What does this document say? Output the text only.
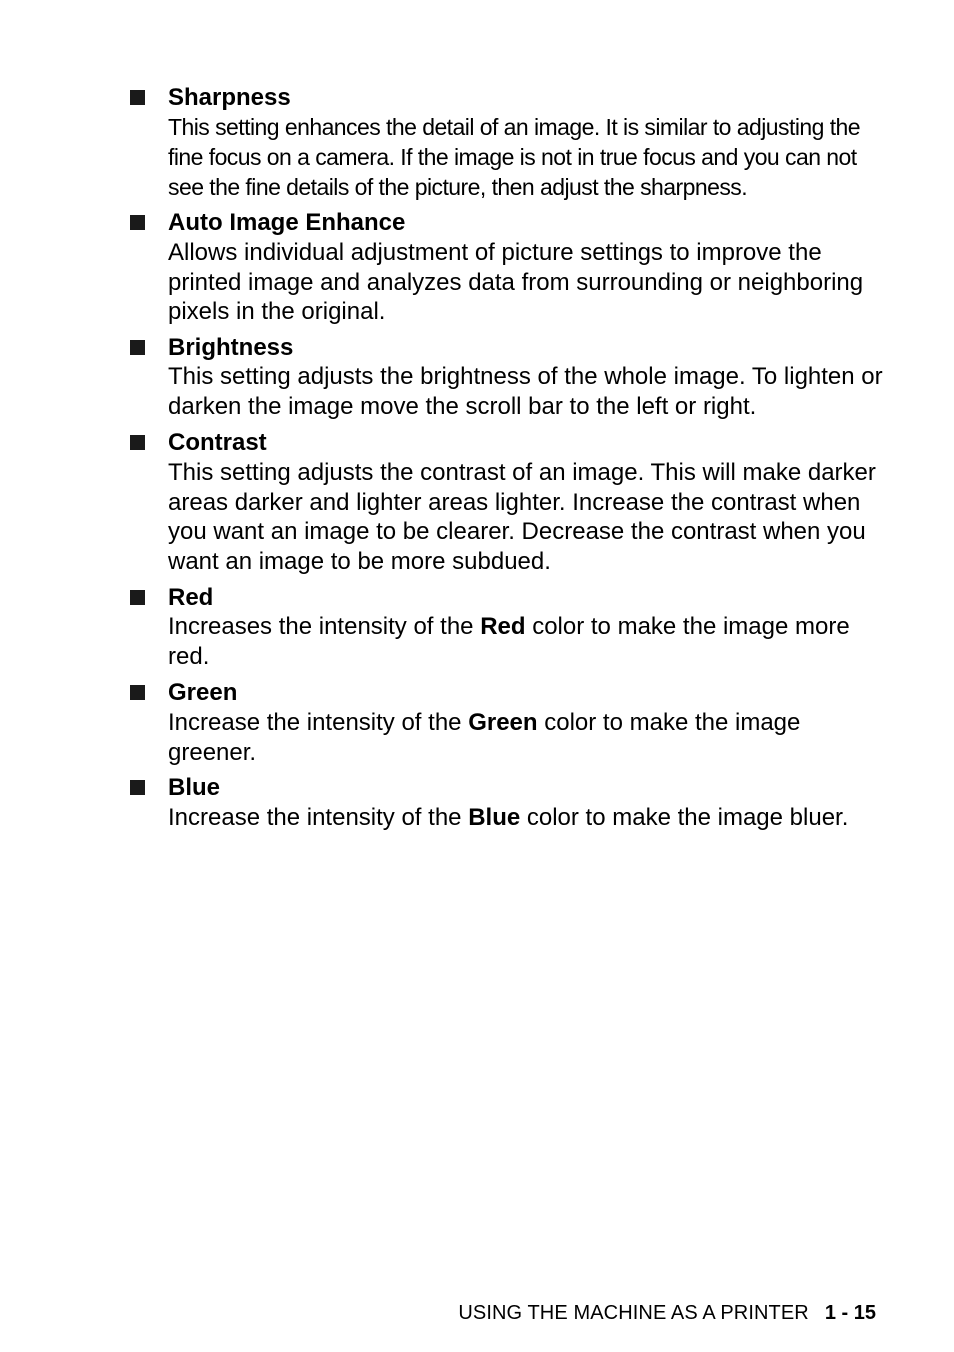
Sharpness
This setting enhances the detail of an image. It is similar to adjusting the fine focus on a camera. If the image is not in true focus and you can not see the fine details of the picture, then adjust the sharpness.
Auto Image Enhance
Allows individual adjustment of picture settings to improve the printed image and analyzes data from surrounding or neighboring pixels in the original.
Brightness
This setting adjusts the brightness of the whole image. To lighten or darken the image move the scroll bar to the left or right.
Contrast
This setting adjusts the contrast of an image. This will make darker areas darker and lighter areas lighter. Increase the contrast when you want an image to be clearer. Decrease the contrast when you want an image to be more subdued.
Red
Increases the intensity of the Red color to make the image more red.
Green
Increase the intensity of the Green color to make the image greener.
Blue
Increase the intensity of the Blue color to make the image bluer.
USING THE MACHINE AS A PRINTER 1 - 15
